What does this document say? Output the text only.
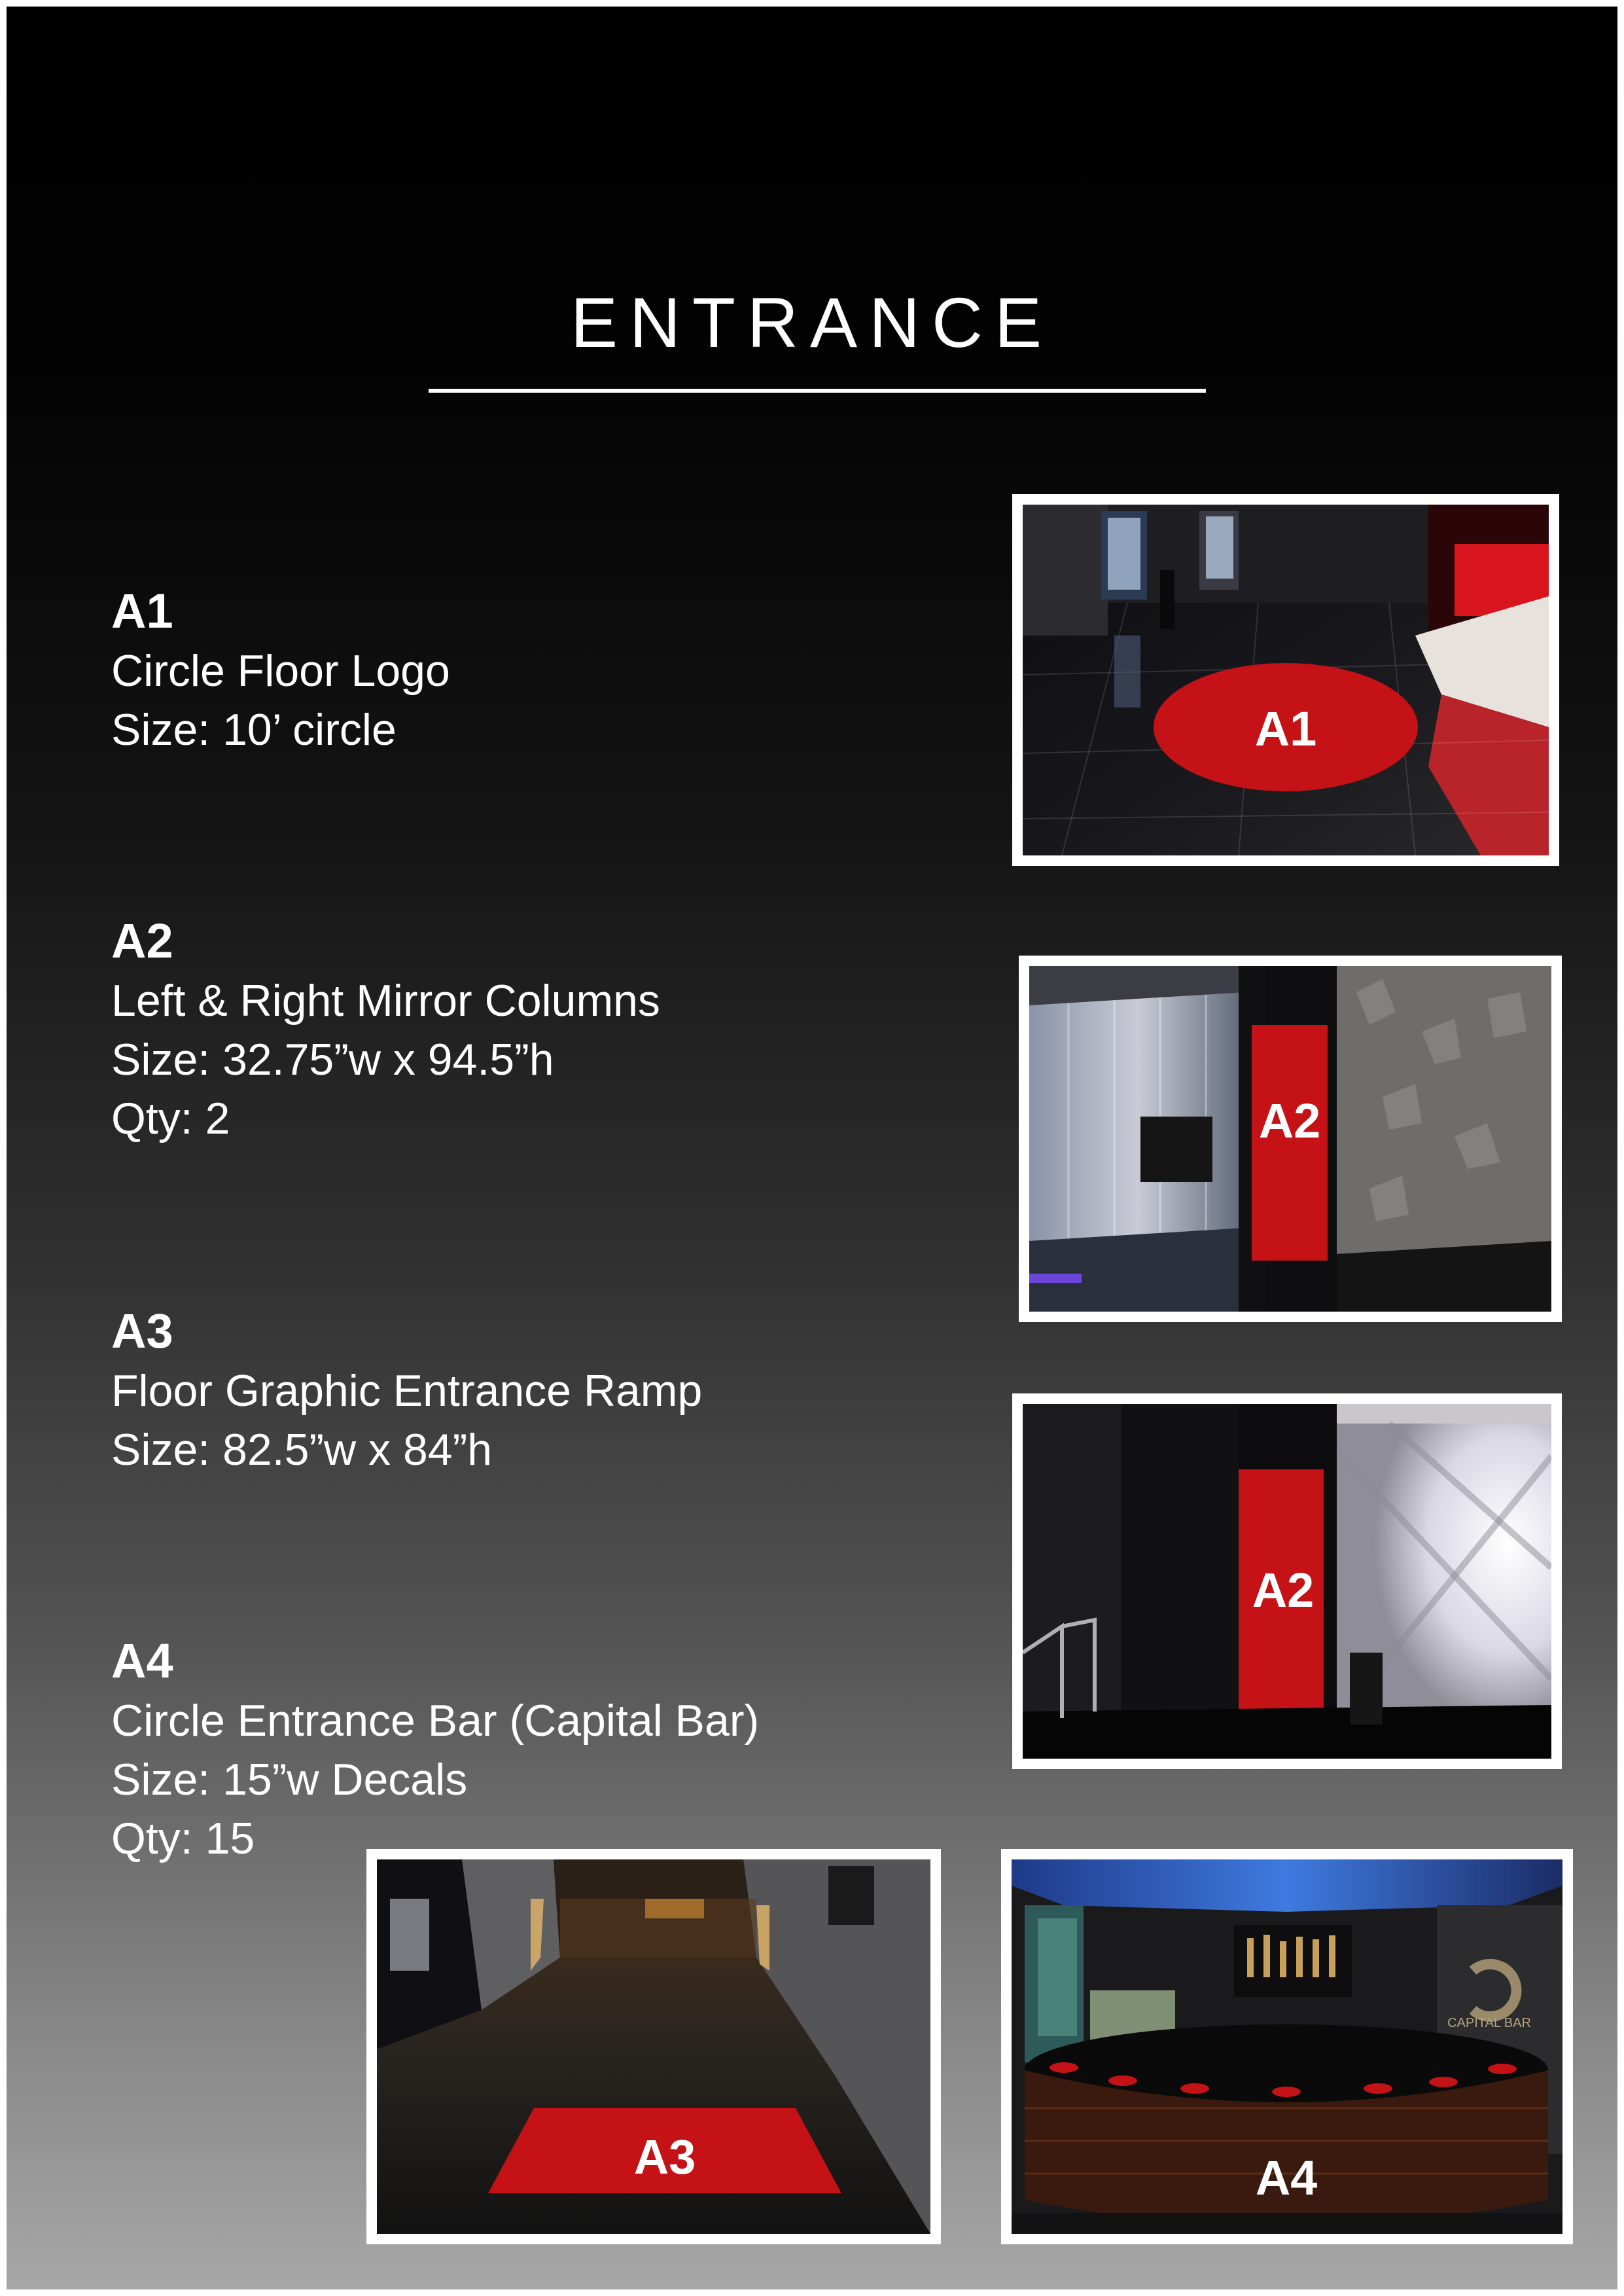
ENTRANCE
A1
Circle Floor Logo
Size: 10’ circle
A2
Left & Right Mirror Columns
Size: 32.75”w x 94.5”h
Qty: 2
A3
Floor Graphic Entrance Ramp
Size: 82.5”w x 84”h
A4
Circle Entrance Bar (Capital Bar)
Size: 15”w Decals
Qty: 15
A1
A2
A2
A3
CAPITAL BAR
A4
